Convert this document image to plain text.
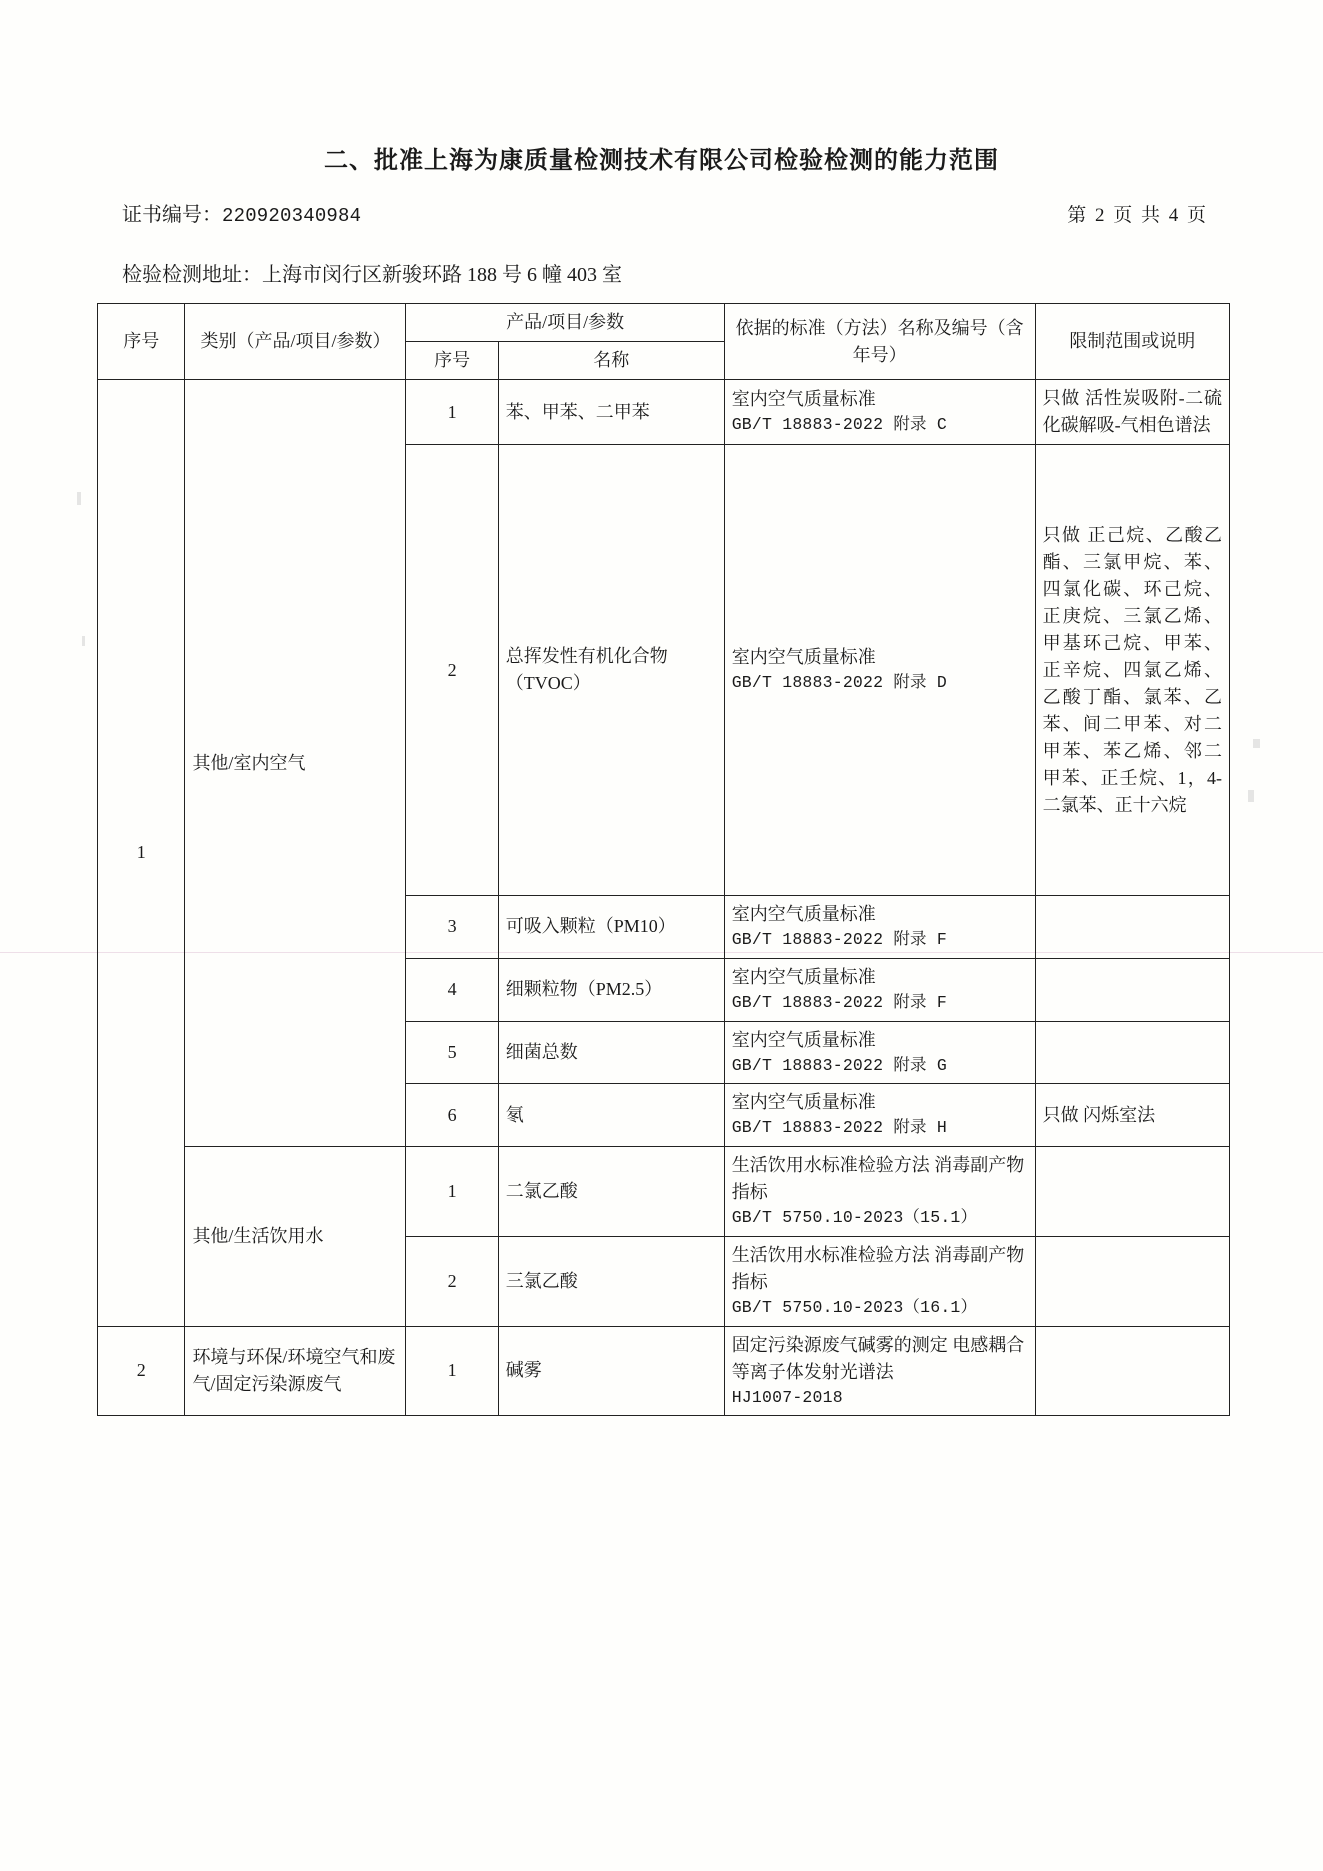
二、批准上海为康质量检测技术有限公司检验检测的能力范围
证书编号：220920340984	第 2 页 共 4 页
检验检测地址：上海市闵行区新骏环路 188 号 6 幢 403 室
序号	类别（产品/项目/参数）	产品/项目/参数		依据的标准（方法）名称及编号（含年号）	限制范围或说明
		序号	名称		
1	其他/室内空气	1	苯、甲苯、二甲苯	室内空气质量标准
GB/T 18883-2022 附录 C	只做 活性炭吸附-二硫化碳解吸-气相色谱法
		2	总挥发性有机化合物（TVOC）	室内空气质量标准
GB/T 18883-2022 附录 D	只做 正己烷、乙酸乙酯、三氯甲烷、苯、四氯化碳、环己烷、正庚烷、三氯乙烯、甲基环己烷、甲苯、正辛烷、四氯乙烯、乙酸丁酯、氯苯、乙苯、间二甲苯、对二甲苯、苯乙烯、邻二甲苯、正壬烷、1，4-二氯苯、正十六烷
		3	可吸入颗粒（PM10）	室内空气质量标准
GB/T 18883-2022 附录 F	

		4	细颗粒物（PM2.5）	室内空气质量标准
GB/T 18883-2022 附录 F	

		5	细菌总数	室内空气质量标准
GB/T 18883-2022 附录 G	

		6	氡	室内空气质量标准
GB/T 18883-2022 附录 H	只做 闪烁室法
	其他/生活饮用水	1	二氯乙酸	生活饮用水标准检验方法 消毒副产物指标
GB/T 5750.10-2023（15.1）	

		2	三氯乙酸	生活饮用水标准检验方法 消毒副产物指标
GB/T 5750.10-2023（16.1）	

2	环境与环保/环境空气和废气/固定污染源废气	1	碱雾	固定污染源废气碱雾的测定 电感耦合等离子体发射光谱法
HJ1007-2018	
